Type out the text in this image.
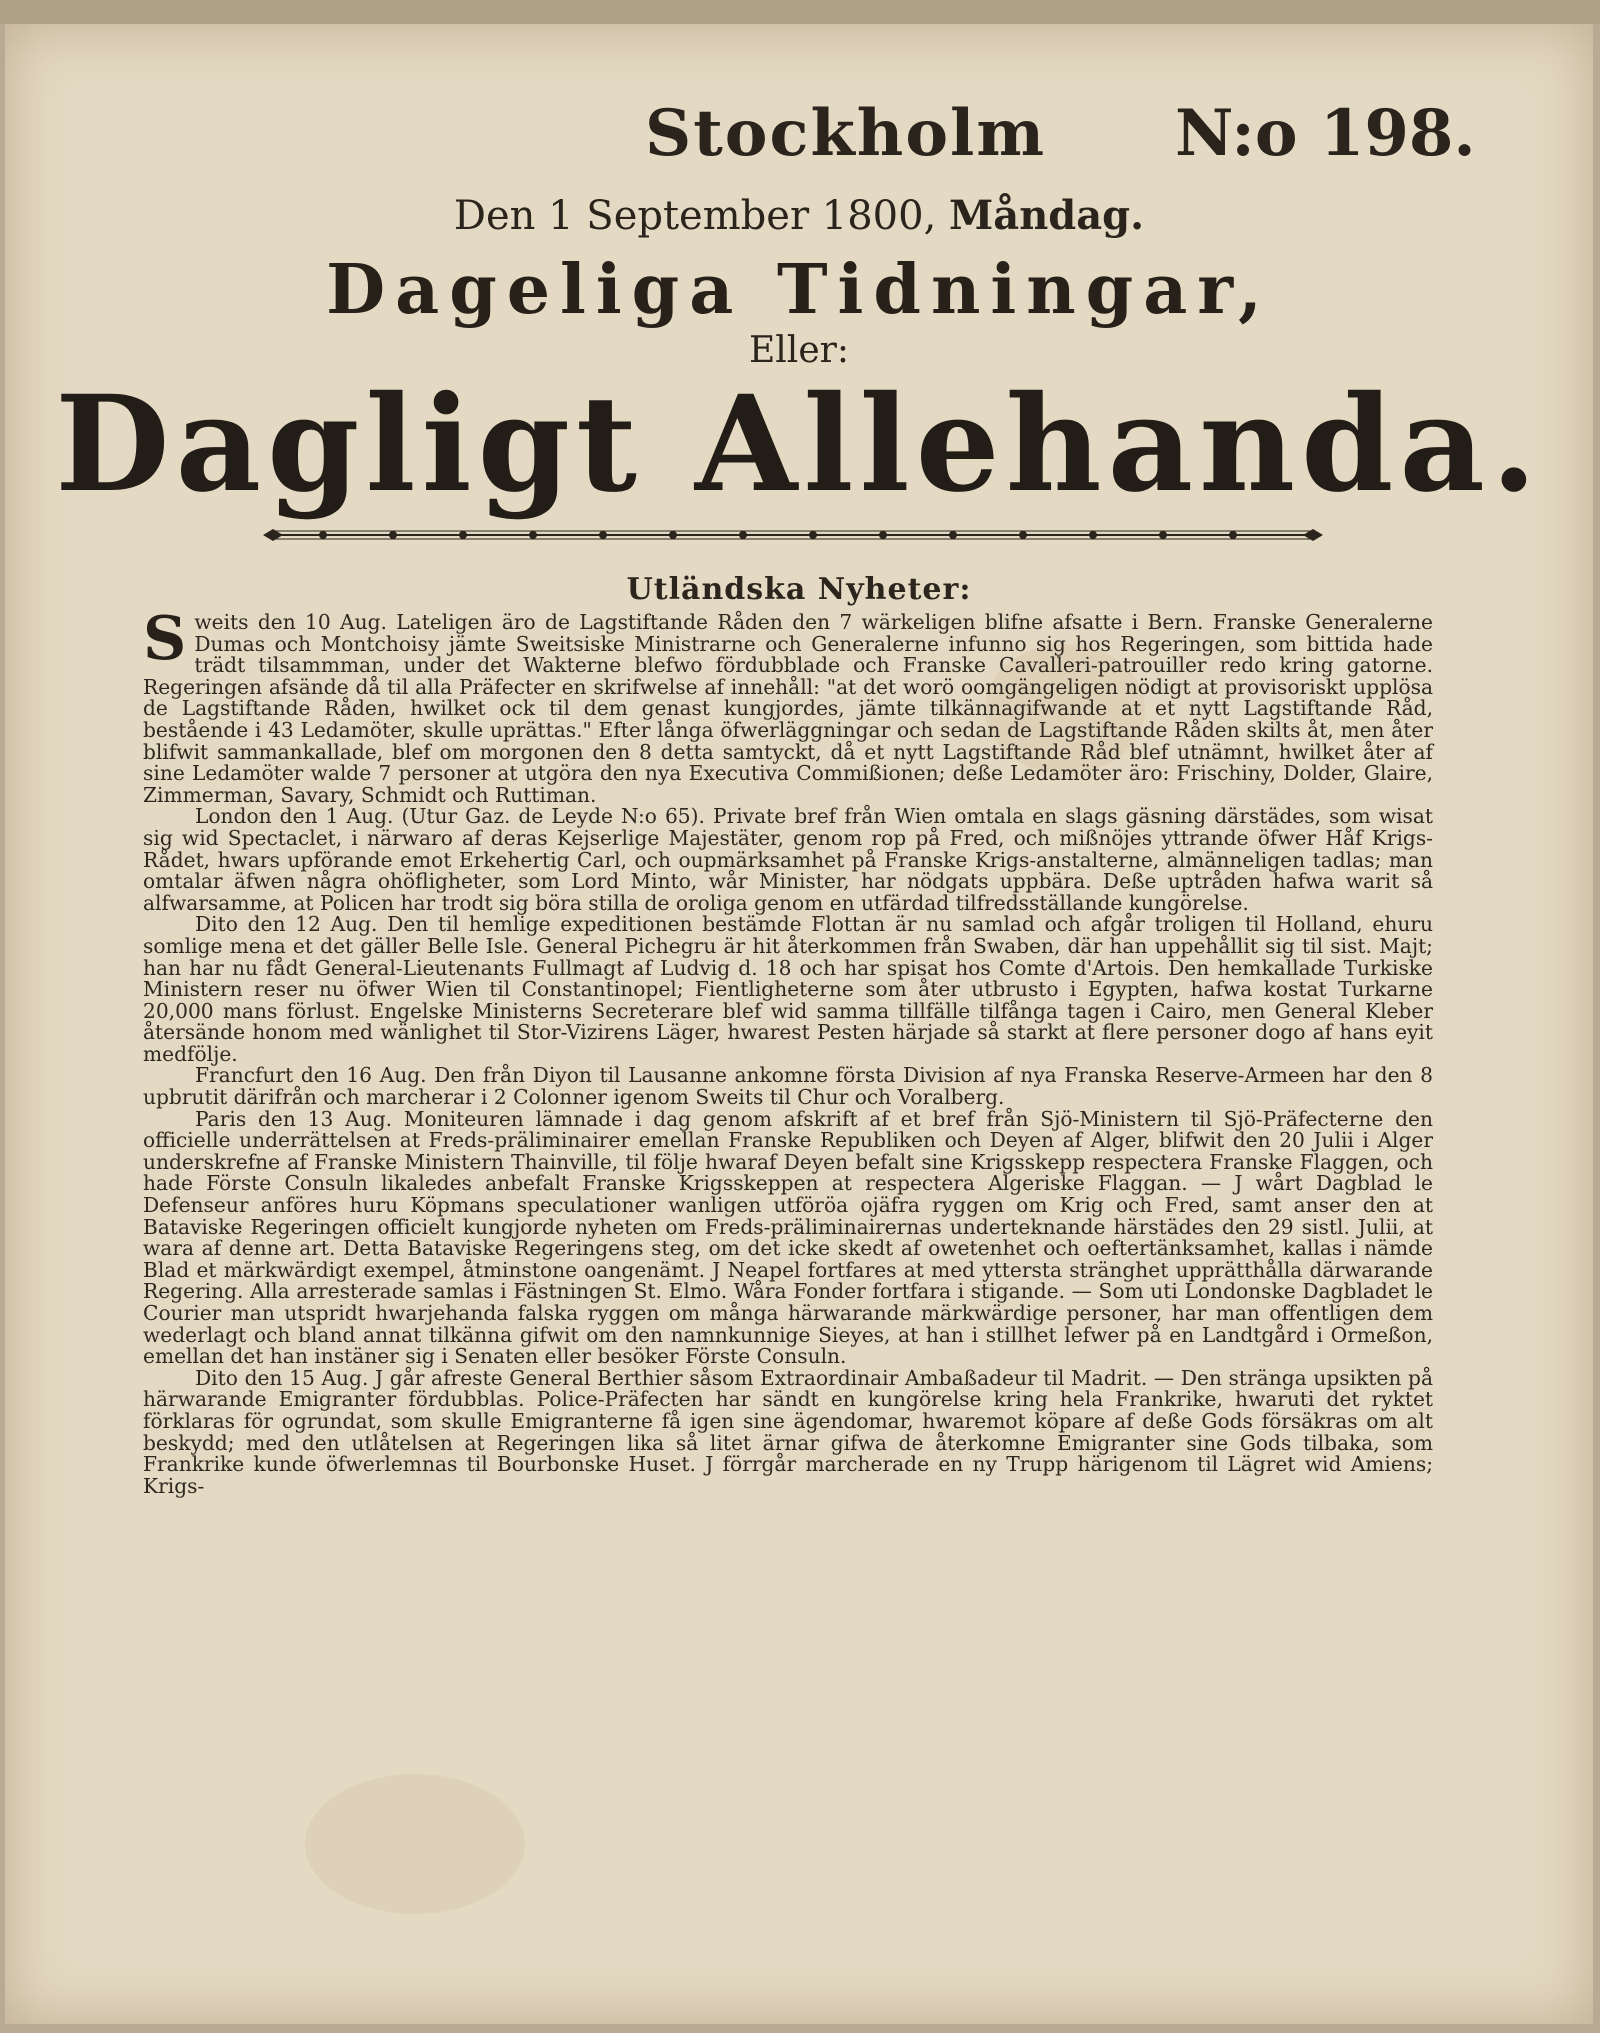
Stockholm N:o 198.
Den 1 September 1800, Måndag.
Dageliga Tidningar,
Eller:
Dagligt Allehanda.
Utländska Nyheter:

Sweits den 10 Aug. Lateligen äro de Lagstiftande Råden den 7 wärkeligen blifne afsatte i Bern. Franske Generalerne Dumas och Montchoisy jämte Sweitsiske Ministrarne och Generalerne infunno sig hos Regeringen, som bittida hade trädt tilsammman, under det Wakterne blefwo fördubblade och Franske Cavalleri-patrouiller redo kring gatorne. Regeringen afsände då til alla Präfecter en skrifwelse af innehåll: "at det worö oomgängeligen nödigt at provisoriskt upplösa de Lagstiftande Råden, hwilket ock til dem genast kungjordes, jämte tilkännagifwande at et nytt Lagstiftande Råd, bestående i 43 Ledamöter, skulle uprättas." Efter långa öfwerläggningar och sedan de Lagstiftande Råden skilts åt, men åter blifwit sammankallade, blef om morgonen den 8 detta samtyckt, då et nytt Lagstiftande Råd blef utnämnt, hwilket åter af sine Ledamöter walde 7 personer at utgöra den nya Executiva Commißionen; deße Ledamöter äro: Frischiny, Dolder, Glaire, Zimmerman, Savary, Schmidt och Ruttiman.

London den 1 Aug. (Utur Gaz. de Leyde N:o 65). Private bref från Wien omtala en slags gäsning därstädes, som wisat sig wid Spectaclet, i närwaro af deras Kejserlige Majestäter, genom rop på Fred, och mißnöjes yttrande öfwer Håf Krigs-Rådet, hwars upförande emot Erkehertig Carl, och oupmärksamhet på Franske Krigs-anstalterne, almänneligen tadlas; man omtalar äfwen några ohöfligheter, som Lord Minto, wår Minister, har nödgats uppbära. Deße uptråden hafwa warit så alfwarsamme, at Policen har trodt sig böra stilla de oroliga genom en utfärdad tilfredsställande kungörelse.

Dito den 12 Aug. Den til hemlige expeditionen bestämde Flottan är nu samlad och afgår troligen til Holland, ehuru somlige mena et det gäller Belle Isle. General Pichegru är hit återkommen från Swaben, där han uppehållit sig til sist. Majt; han har nu fådt General-Lieutenants Fullmagt af Ludvig d. 18 och har spisat hos Comte d'Artois. Den hemkallade Turkiske Ministern reser nu öfwer Wien til Constantinopel; Fientligheterne som åter utbrusto i Egypten, hafwa kostat Turkarne 20,000 mans förlust. Engelske Ministerns Secreterare blef wid samma tillfälle tilfånga tagen i Cairo, men General Kleber återsände honom med wänlighet til Stor-Vizirens Läger, hwarest Pesten härjade så starkt at flere personer dogo af hans eyit medfölje.

Francfurt den 16 Aug. Den från Diyon til Lausanne ankomne första Division af nya Franska Reserve-Armeen har den 8 upbrutit därifrån och marcherar i 2 Colonner igenom Sweits til Chur och Voralberg.

Paris den 13 Aug. Moniteuren lämnade i dag genom afskrift af et bref från Sjö-Ministern til Sjö-Präfecterne den officielle underrättelsen at Freds-präliminairer emellan Franske Republiken och Deyen af Alger, blifwit den 20 Julii i Alger underskrefne af Franske Ministern Thainville, til följe hwaraf Deyen befalt sine Krigsskepp respectera Franske Flaggen, och hade Förste Consuln likaledes anbefalt Franske Krigsskeppen at respectera Algeriske Flaggan. — J wårt Dagblad le Defenseur anföres huru Köpmans speculationer wanligen utföröa ojäfra ryggen om Krig och Fred, samt anser den at Bataviske Regeringen officielt kungjorde nyheten om Freds-präliminairernas underteknande härstädes den 29 sistl. Julii, at wara af denne art. Detta Bataviske Regeringens steg, om det icke skedt af owetenhet och oeftertänksamhet, kallas i nämde Blad et märkwärdigt exempel, åtminstone oangenämt. J Neapel fortfares at med yttersta stränghet upprätthålla därwarande Regering. Alla arresterade samlas i Fästningen St. Elmo. Wåra Fonder fortfara i stigande. — Som uti Londonske Dagbladet le Courier man utspridt hwarjehanda falska ryggen om många härwarande märkwärdige personer, har man offentligen dem wederlagt och bland annat tilkänna gifwit om den namnkunnige Sieyes, at han i stillhet lefwer på en Landtgård i Ormeßon, emellan det han instäner sig i Senaten eller besöker Förste Consuln.

Dito den 15 Aug. J går afreste General Berthier såsom Extraordinair Ambaßadeur til Madrit. — Den stränga upsikten på härwarande Emigranter fördubblas. Police-Präfecten har sändt en kungörelse kring hela Frankrike, hwaruti det ryktet förklaras för ogrundat, som skulle Emigranterne få igen sine ägendomar, hwaremot köpare af deße Gods försäkras om alt beskydd; med den utlåtelsen at Regeringen lika så litet ärnar gifwa de återkomne Emigranter sine Gods tilbaka, som Frankrike kunde öfwerlemnas til Bourbonske Huset. J förrgår marcherade en ny Trupp härigenom til Lägret wid Amiens; Krigs-
